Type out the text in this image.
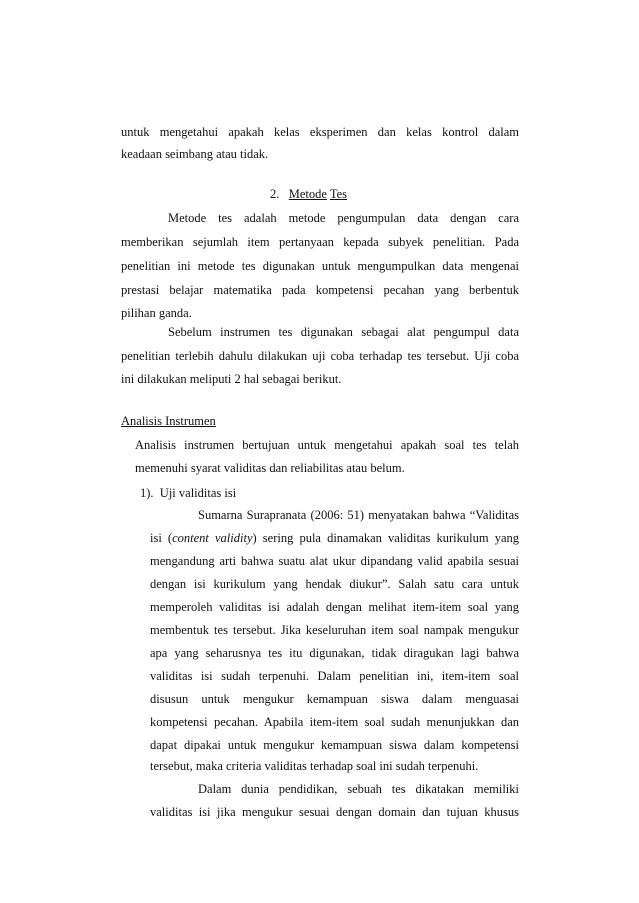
untuk mengetahui apakah kelas eksperimen dan kelas kontrol dalam
keadaan seimbang atau tidak.
2. Metode Tes
Metode tes adalah metode pengumpulan data dengan cara
memberikan sejumlah item pertanyaan kepada subyek penelitian. Pada
penelitian ini metode tes digunakan untuk mengumpulkan data mengenai
prestasi belajar matematika pada kompetensi pecahan yang berbentuk
pilihan ganda.
Sebelum instrumen tes digunakan sebagai alat pengumpul data
penelitian terlebih dahulu dilakukan uji coba terhadap tes tersebut. Uji coba
ini dilakukan meliputi 2 hal sebagai berikut.
Analisis Instrumen
Analisis instrumen bertujuan untuk mengetahui apakah soal tes telah
memenuhi syarat validitas dan reliabilitas atau belum.
1). Uji validitas isi
Sumarna Surapranata (2006: 51) menyatakan bahwa “Validitas
isi (content validity) sering pula dinamakan validitas kurikulum yang
mengandung arti bahwa suatu alat ukur dipandang valid apabila sesuai
dengan isi kurikulum yang hendak diukur”. Salah satu cara untuk
memperoleh validitas isi adalah dengan melihat item-item soal yang
membentuk tes tersebut. Jika keseluruhan item soal nampak mengukur
apa yang seharusnya tes itu digunakan, tidak diragukan lagi bahwa
validitas isi sudah terpenuhi. Dalam penelitian ini, item-item soal
disusun untuk mengukur kemampuan siswa dalam menguasai
kompetensi pecahan. Apabila item-item soal sudah menunjukkan dan
dapat dipakai untuk mengukur kemampuan siswa dalam kompetensi
tersebut, maka criteria validitas terhadap soal ini sudah terpenuhi.
Dalam dunia pendidikan, sebuah tes dikatakan memiliki
validitas isi jika mengukur sesuai dengan domain dan tujuan khusus
